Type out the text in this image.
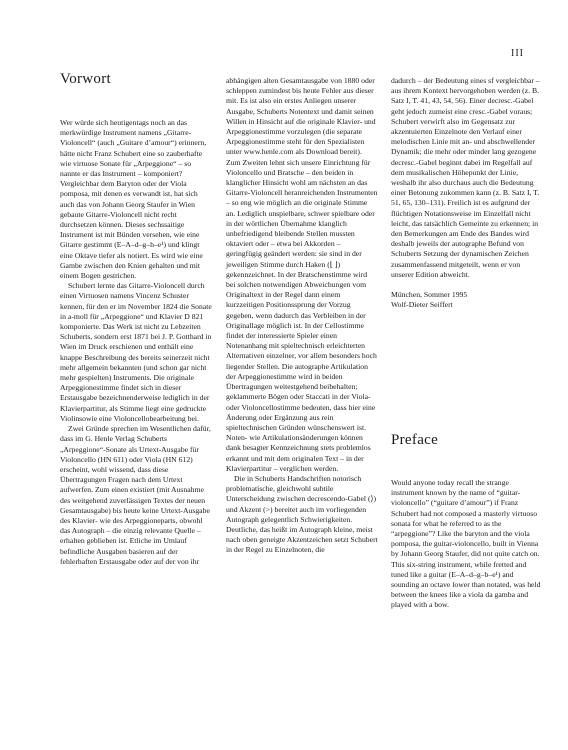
III
Vorwort

Wer würde sich heutigentags noch an das merkwürdige Instrument namens „Gitarre-Violoncell“ (auch „Guitare d’amour“) erinnern, hätte nicht Franz Schubert eine so zauberhafte wie virtuose Sonate für „Arpeggione“ – so nannte er das Instrument – komponiert? Vergleichbar dem Baryton oder der Viola pomposa, mit denen es verwandt ist, hat sich auch das von Johann Georg Staufer in Wien gebaute Gitarre-Violoncell nicht recht durchsetzen können. Dieses sechssaitige Instrument ist mit Bünden versehen, wie eine Gitarre gestimmt (E–A–d–g–h–e¹) und klingt eine Oktave tiefer als notiert. Es wird wie eine Gambe zwischen den Knien gehalten und mit einem Bogen gestrichen.

Schubert lernte das Gitarre-Violoncell durch einen Virtuosen namens Vincenz Schuster kennen, für den er im November 1824 die Sonate in a-moll für „Arpeggione“ und Klavier D 821 komponierte. Das Werk ist nicht zu Lebzeiten Schuberts, sondern erst 1871 bei J. P. Gotthard in Wien im Druck erschienen und enthält eine knappe Beschreibung des bereits seinerzeit nicht mehr allgemein bekannten (und schon gar nicht mehr gespielten) Instruments. Die originale Arpeggionestimme findet sich in dieser Erstausgabe bezeichnenderweise lediglich in der Klavierpartitur, als Stimme liegt eine gedruckte Violinsowie eine Violoncellobearbeitung bei.

Zwei Gründe sprechen im Wesentlichen dafür, dass im G. Henle Verlag Schuberts „Arpeggione“-Sonate als Urtext-Ausgabe für Violoncello (HN 611) oder Viola (HN 612) erscheint, wohl wissend, dass diese Übertragungen Fragen nach dem Urtext aufwerfen. Zum einen existiert (mit Ausnahme des weitgehend zuverlässigen Textes der neuen Gesamtausgabe) bis heute keine Urtext-Ausgabe des Klavier- wie des Arpeggioneparts, obwohl das Autograph – die einzig relevante Quelle – erhalten geblieben ist. Etliche im Umlauf befindliche Ausgaben basieren auf der fehlerhaften Erstausgabe oder auf der von ihr

abhängigen alten Gesamtausgabe von 1880 oder schleppen zumindest bis heute Fehler aus dieser mit. Es ist also ein erstes Anliegen unserer Ausgabe, Schuberts Notentext und damit seinen Willen in Hinsicht auf die originale Klavier- und Arpeggionestimme vorzulegen (die separate Arpeggionestimme steht für den Spezialisten unter www.henle.com als Download bereit). Zum Zweiten lehnt sich unsere Einrichtung für Violoncello und Bratsche – den beiden in klanglicher Hinsicht wohl am nächsten an das Gitarre-Violoncell heranreichenden Instrumenten – so eng wie möglich an die originale Stimme an. Lediglich unspielbare, schwer spielbare oder in der wörtlichen Übernahme klanglich unbefriedigend bleibende Stellen mussten oktaviert oder – etwa bei Akkorden – geringfügig geändert werden: sie sind in der jeweiligen Stimme durch Haken (⌊ ⌋) gekennzeichnet. In der Bratschenstimme wird bei solchen notwendigen Abweichungen vom Originaltext in der Regel dann einem kurzzeitigen Positionssprung der Vorzug gegeben, wenn dadurch das Verbleiben in der Originallage möglich ist. In der Cellostimme findet der interessierte Spieler einen Notenanhang mit spieltechnisch erleichterten Alternativen einzelner, vor allem besonders hoch liegender Stellen. Die autographe Artikulation der Arpeggionestimme wird in beiden Übertragungen weitestgehend beibehalten; geklammerte Bögen oder Staccati in der Viola- oder Violoncellostimme bedeuten, dass hier eine Änderung oder Ergänzung aus rein spieltechnischen Gründen wünschenswert ist. Noten- wie Artikulationsänderungen können dank besagter Kennzeichnung stets problemlos erkannt und mit dem originalen Text – in der Klavierpartitur – verglichen werden.

Die in Schuberts Handschriften notorisch problematische, gleichwohl subtile Unterscheidung zwischen decrescendo-Gabel (⟩) und Akzent (>) bereitet auch im vorliegenden Autograph gelegentlich Schwierigkeiten. Deutliche, das heißt im Autograph kleine, meist nach oben geneigte Akzentzeichen setzt Schubert in der Regel zu Einzelnoten, die

dadurch – der Bedeutung eines sf vergleichbar – aus ihrem Kontext hervorgehoben werden (z. B. Satz I, T. 41, 43, 54, 56). Einer decresc.-Gabel geht jedoch zumeist eine cresc.-Gabel voraus; Schubert verwirft also im Gegensatz zur akzentuierten Einzelnote den Verlauf einer melodischen Linie mit an- und abschwellender Dynamik; die mehr oder minder lang gezogene decresc.-Gabel beginnt dabei im Regelfall auf dem musikalischen Höhepunkt der Linie, weshalb ihr also durchaus auch die Bedeutung einer Betonung zukommen kann (z. B. Satz I, T. 51, 65, 130–131). Freilich ist es aufgrund der flüchtigen Notationsweise im Einzelfall nicht leicht, das tatsächlich Gemeinte zu erkennen; in den Bemerkungen am Ende des Bandes wird deshalb jeweils der autographe Befund von Schuberts Setzung der dynamischen Zeichen zusammenfassend mitgeteilt, wenn er von unserer Edition abweicht.

München, Sommer 1995

Wolf-Dieter Seiffert

Preface

Would anyone today recall the strange instrument known by the name of “guitar-violoncello” (“guitare d’amour”) if Franz Schubert had not composed a masterly virtuoso sonata for what he referred to as the “arpeggione”? Like the baryton and the viola pomposa, the guitar-violoncello, built in Vienna by Johann Georg Staufer, did not quite catch on. This six-string instrument, while fretted and tuned like a guitar (E–A–d–g–b–e¹) and sounding an octave lower than notated, was held between the knees like a viola da gamba and played with a bow.
